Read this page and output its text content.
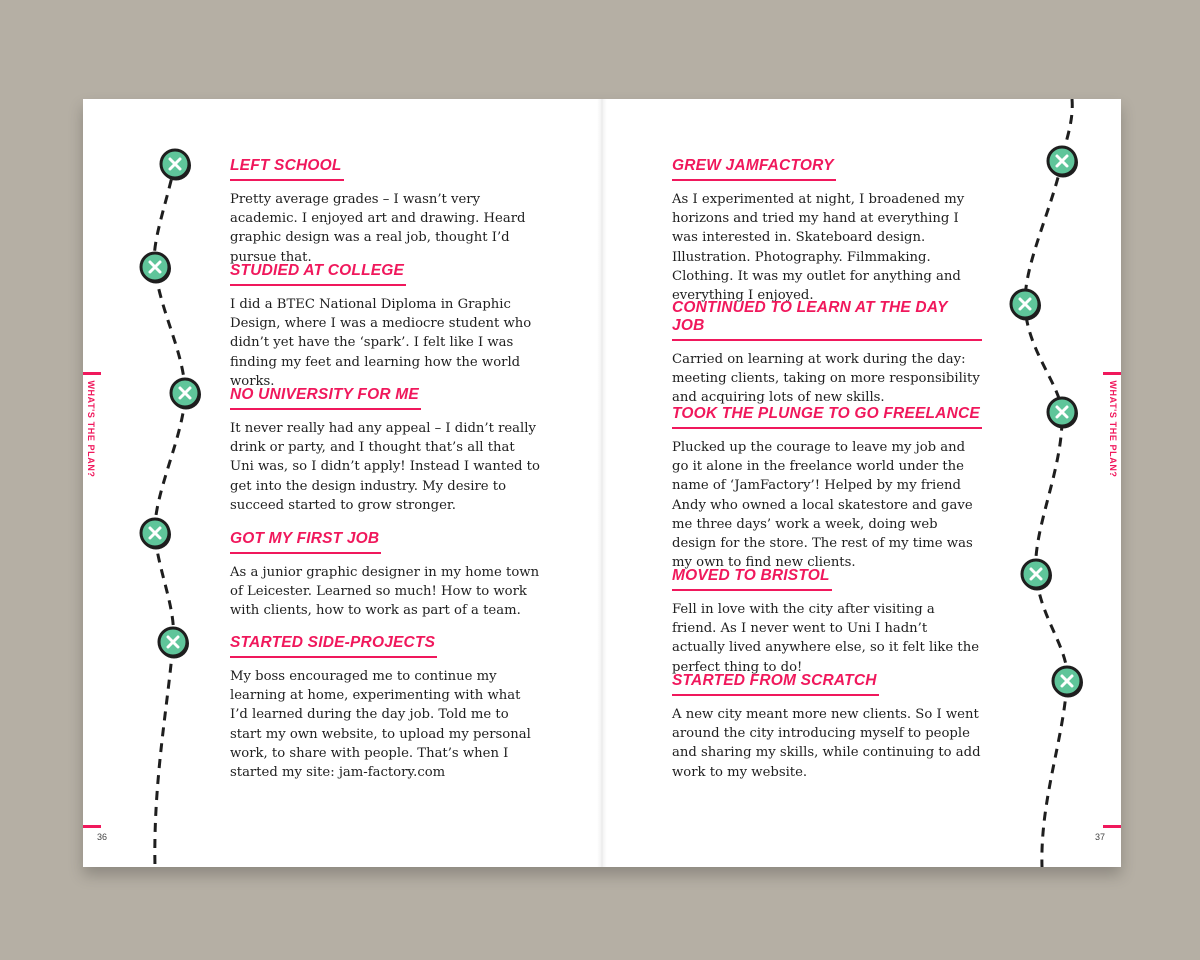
WHAT'S THE PLAN?
36
LEFT SCHOOL

Pretty average grades – I wasn’t very academic. I enjoyed art and drawing. Heard graphic design was a real job, thought I’d pursue that.

STUDIED AT COLLEGE

I did a BTEC National Diploma in Graphic Design, where I was a mediocre student who didn’t yet have the ‘spark’. I felt like I was finding my feet and learning how the world works.

NO UNIVERSITY FOR ME

It never really had any appeal – I didn’t really drink or party, and I thought that’s all that Uni was, so I didn’t apply! Instead I wanted to get into the design industry. My desire to succeed started to grow stronger.

GOT MY FIRST JOB

As a junior graphic designer in my home town of Leicester. Learned so much! How to work with clients, how to work as part of a team.

STARTED SIDE-PROJECTS

My boss encouraged me to continue my learning at home, experimenting with what I’d learned during the day job. Told me to start my own website, to upload my personal work, to share with people. That’s when I started my site: jam-factory.com

WHAT'S THE PLAN?
37
GREW JAMFACTORY

As I experimented at night, I broadened my horizons and tried my hand at everything I was interested in. Skateboard design. Illustration. Photography. Filmmaking. Clothing. It was my outlet for anything and everything I enjoyed.

CONTINUED TO LEARN AT THE DAY JOB

Carried on learning at work during the day: meeting clients, taking on more responsibility and acquiring lots of new skills.

TOOK THE PLUNGE TO GO FREELANCE

Plucked up the courage to leave my job and go it alone in the freelance world under the name of ‘JamFactory’! Helped by my friend Andy who owned a local skatestore and gave me three days’ work a week, doing web design for the store. The rest of my time was my own to find new clients.

MOVED TO BRISTOL

Fell in love with the city after visiting a friend. As I never went to Uni I hadn’t actually lived anywhere else, so it felt like the perfect thing to do!

STARTED FROM SCRATCH

A new city meant more new clients. So I went around the city introducing myself to people and sharing my skills, while continuing to add work to my website.
